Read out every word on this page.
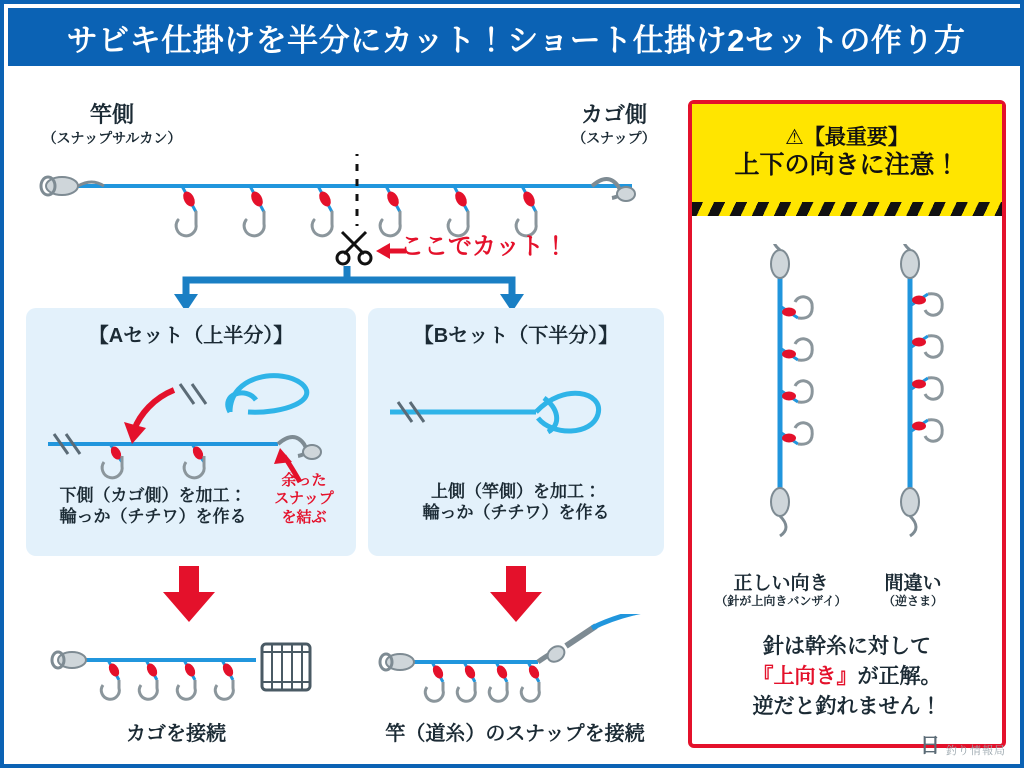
サビキ仕掛けを半分にカット！ショート仕掛け2セットの作り方
竿側
（スナップサルカン）
カゴ側
（スナップ）
ここでカット！
【Aセット（上半分）】
下側（カゴ側）を加工：
輪っか（チチワ）を作る
余った
スナップ
を結ぶ
【Bセット（下半分）】
上側（竿側）を加工：
輪っか（チチワ）を作る
カゴを接続	竿（道糸）のスナップを接続
⚠【最重要】
上下の向きに注意！
正しい向き
（針が上向きバンザイ）
間違い
（逆さま）
針は幹糸に対して
『上向き』が正解。
逆だと釣れません！
日 釣り情報局
